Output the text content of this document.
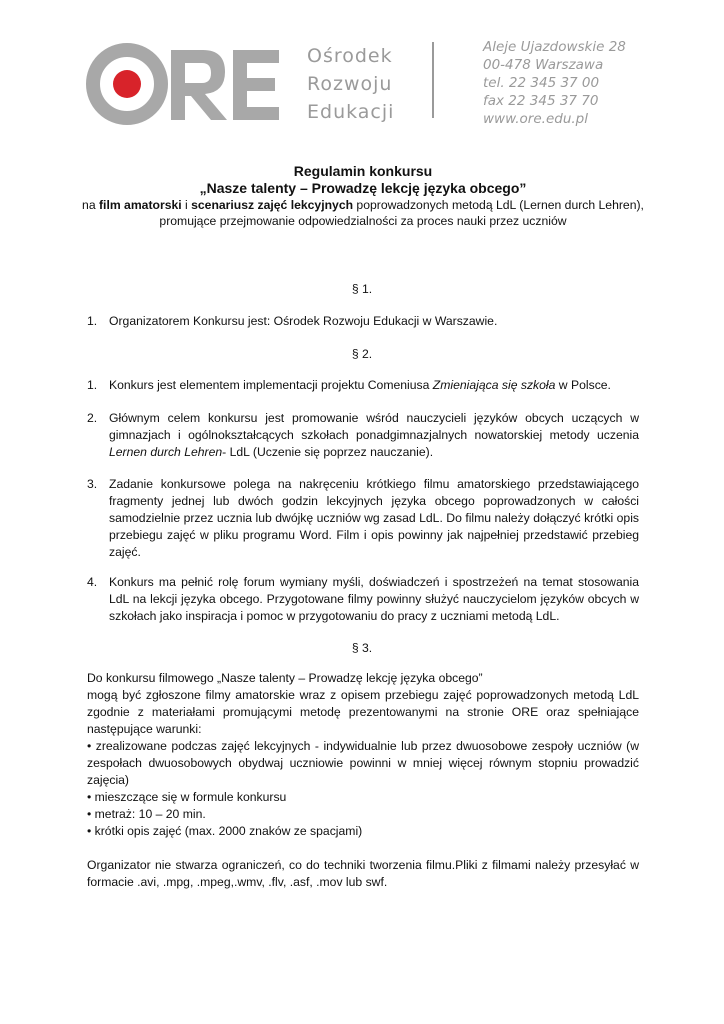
Ośrodek
Rozwoju
Edukacji
Aleje Ujazdowskie 28
00-478 Warszawa
tel. 22 345 37 00
fax 22 345 37 70
www.ore.edu.pl
Regulamin konkursu
„Nasze talenty – Prowadzę lekcję języka obcego”
na film amatorski i scenariusz zajęć lekcyjnych poprowadzonych metodą LdL (Lernen durch Lehren),
promujące przejmowanie odpowiedzialności za proces nauki przez uczniów
§ 1.
1. Organizatorem Konkursu jest: Ośrodek Rozwoju Edukacji w Warszawie.
§ 2.
1. Konkurs jest elementem implementacji projektu Comeniusa Zmieniająca się szkoła w Polsce.
2. Głównym celem konkursu jest promowanie wśród nauczycieli języków obcych uczących w gimnazjach i ogólnokształcących szkołach ponadgimnazjalnych nowatorskiej metody uczenia Lernen durch Lehren- LdL (Uczenie się poprzez nauczanie).
3. Zadanie konkursowe polega na nakręceniu krótkiego filmu amatorskiego przedstawiającego fragmenty jednej lub dwóch godzin lekcyjnych języka obcego poprowadzonych w całości samodzielnie przez ucznia lub dwójkę uczniów wg zasad LdL. Do filmu należy dołączyć krótki opis przebiegu zajęć w pliku programu Word. Film i opis powinny jak najpełniej przedstawić przebieg zajęć.
4. Konkurs ma pełnić rolę forum wymiany myśli, doświadczeń i spostrzeżeń na temat stosowania LdL na lekcji języka obcego. Przygotowane filmy powinny służyć nauczycielom języków obcych w szkołach jako inspiracja i pomoc w przygotowaniu do pracy z uczniami metodą LdL.
§ 3.
Do konkursu filmowego „Nasze talenty – Prowadzę lekcję języka obcego”
mogą być zgłoszone filmy amatorskie wraz z opisem przebiegu zajęć poprowadzonych metodą LdL zgodnie z materiałami promującymi metodę prezentowanymi na stronie ORE oraz spełniające następujące warunki:
• zrealizowane podczas zajęć lekcyjnych - indywidualnie lub przez dwuosobowe zespoły uczniów (w zespołach dwuosobowych obydwaj uczniowie powinni w mniej więcej równym stopniu prowadzić zajęcia)
• mieszczące się w formule konkursu
• metraż: 10 – 20 min.
• krótki opis zajęć (max. 2000 znaków ze spacjami)
Organizator nie stwarza ograniczeń, co do techniki tworzenia filmu.Pliki z filmami należy przesyłać w formacie .avi, .mpg, .mpeg,.wmv, .flv, .asf, .mov lub swf.
